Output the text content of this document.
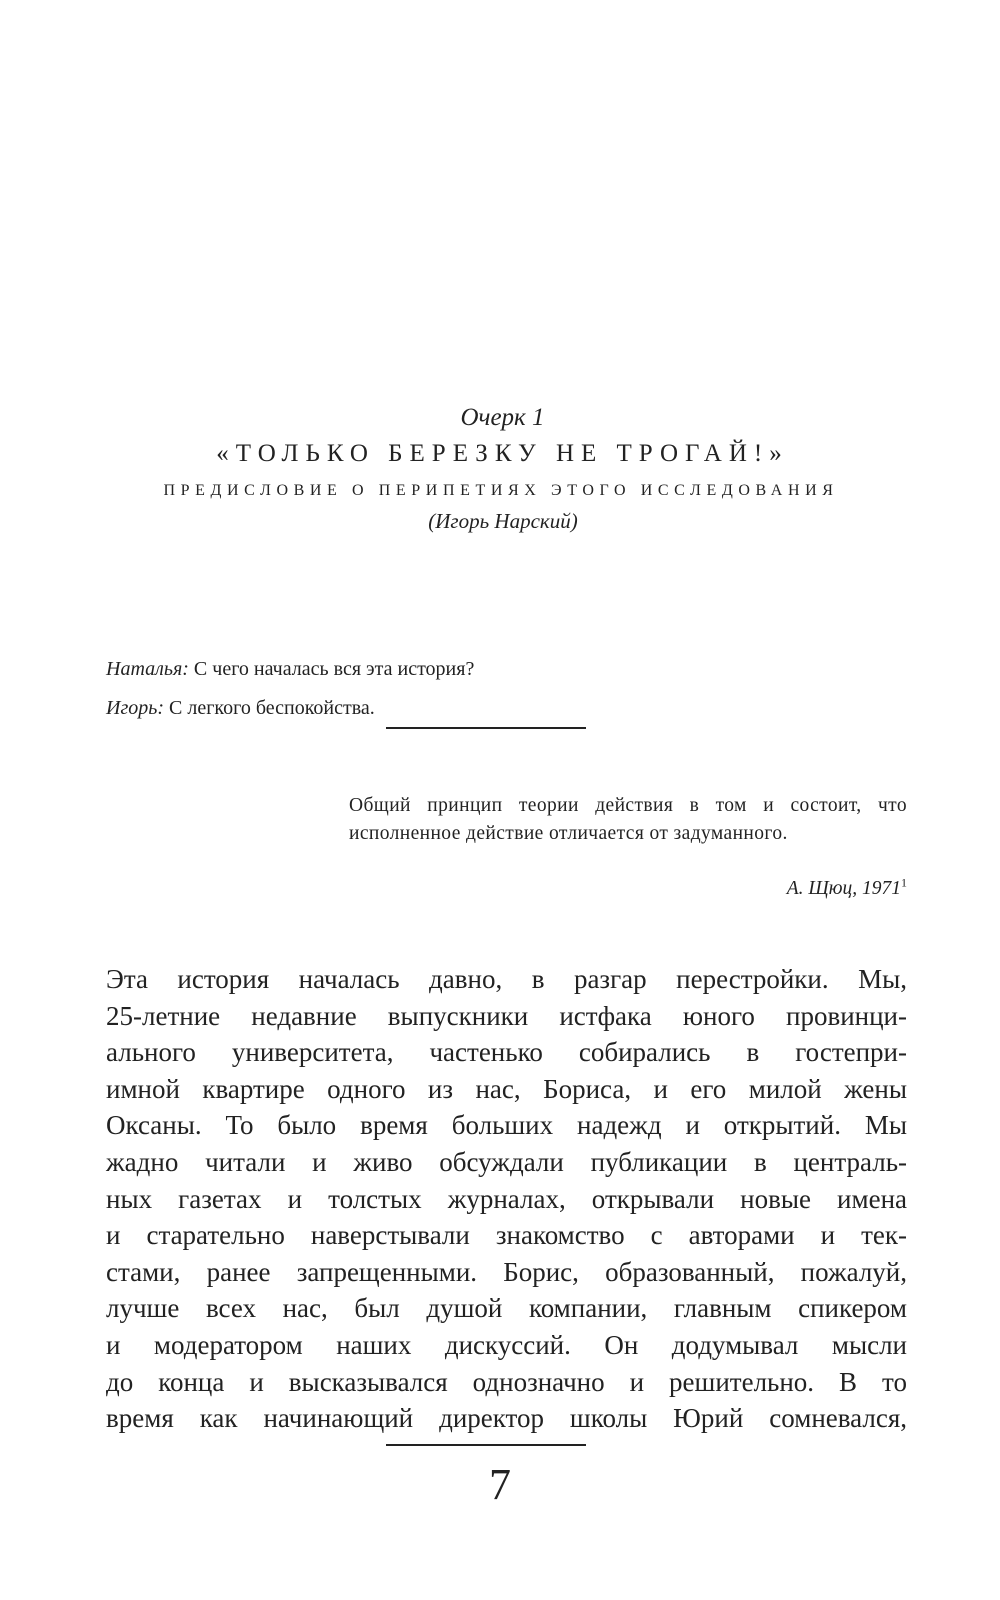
Очерк 1
«ТОЛЬКО БЕРЕЗКУ НЕ ТРОГАЙ!»
ПРЕДИСЛОВИЕ О ПЕРИПЕТИЯХ ЭТОГО ИССЛЕДОВАНИЯ
(Игорь Нарский)
Наталья: С чего началась вся эта история?
Игорь: С легкого беспокойства.
Общий принцип теории действия в том и состоит, что исполненное действие отличается от задуманного.
А. Щюц, 1971$^1$
Эта история началась давно, в разгар перестройки. Мы,
25-летние недавние выпускники истфака юного провинци-
ального университета, частенько собирались в гостепри-
имной квартире одного из нас, Бориса, и его милой жены
Оксаны. То было время больших надежд и открытий. Мы
жадно читали и живо обсуждали публикации в централь-
ных газетах и толстых журналах, открывали новые имена
и старательно наверстывали знакомство с авторами и тек-
стами, ранее запрещенными. Борис, образованный, пожалуй,
лучше всех нас, был душой компании, главным спикером
и модератором наших дискуссий. Он додумывал мысли
до конца и высказывался однозначно и решительно. В то
время как начинающий директор школы Юрий сомневался,
7
